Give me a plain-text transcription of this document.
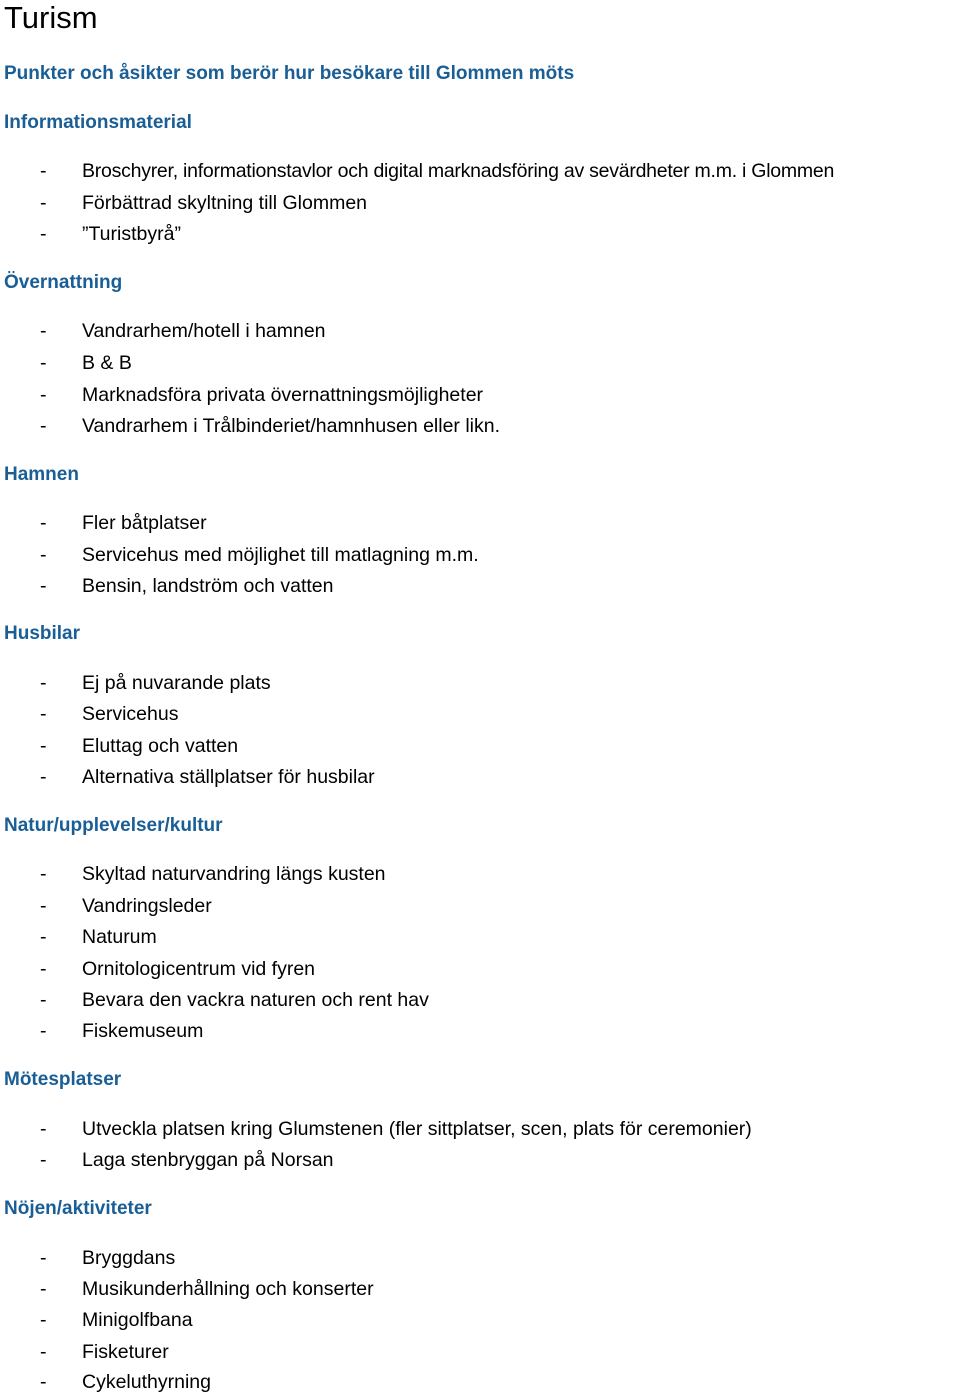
Turism
Punkter och åsikter som berör hur besökare till Glommen möts
Informationsmaterial
- Broschyrer, informationstavlor och digital marknadsföring av sevärdheter m.m. i Glommen
- Förbättrad skyltning till Glommen
- ”Turistbyrå”
Övernattning
- Vandrarhem/hotell i hamnen
- B & B
- Marknadsföra privata övernattningsmöjligheter
- Vandrarhem i Trålbinderiet/hamnhusen eller likn.
Hamnen
- Fler båtplatser
- Servicehus med möjlighet till matlagning m.m.
- Bensin, landström och vatten
Husbilar
- Ej på nuvarande plats
- Servicehus
- Eluttag och vatten
- Alternativa ställplatser för husbilar
Natur/upplevelser/kultur
- Skyltad naturvandring längs kusten
- Vandringsleder
- Naturum
- Ornitologicentrum vid fyren
- Bevara den vackra naturen och rent hav
- Fiskemuseum
Mötesplatser
- Utveckla platsen kring Glumstenen (fler sittplatser, scen, plats för ceremonier)
- Laga stenbryggan på Norsan
Nöjen/aktiviteter
- Bryggdans
- Musikunderhållning och konserter
- Minigolfbana
- Fisketurer
- Cykeluthyrning
